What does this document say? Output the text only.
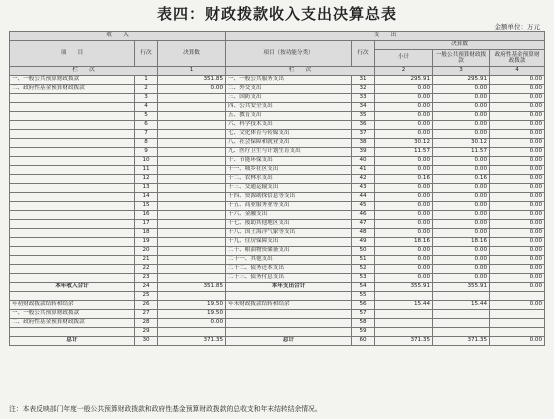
表四：财政拨款收入支出决算总表
金额单位：万元
收　　入			支　　出				
项　　目	行次	决算数	项目（按功能分类）	行次	决算数		
					小计	一般公共预算财政拨款	政府性基金预算财政拨款
栏　　次		1	栏　　次		2	3	4
一、一般公共预算财政拨款	1	351.85	一、一般公共服务支出	31	295.91	295.91	0.00
二、政府性基金预算财政拨款	2	0.00	二、外交支出	32	0.00	0.00	0.00
	3		三、国防支出	33	0.00	0.00	0.00
	4		四、公共安全支出	34	0.00	0.00	0.00
	5		五、教育支出	35	0.00	0.00	0.00
	6		六、科学技术支出	36	0.00	0.00	0.00
	7		七、文化体育与传媒支出	37	0.00	0.00	0.00
	8		八、社会保障和就业支出	38	30.12	30.12	0.00
	9		九、医疗卫生与计划生育支出	39	11.57	11.57	0.00
	10		十、节能环保支出	40	0.00	0.00	0.00
	11		十一、城乡社区支出	41	0.00	0.00	0.00
	12		十二、农林水支出	42	0.16	0.16	0.00
	13		十三、交通运输支出	43	0.00	0.00	0.00
	14		十四、资源勘探信息等支出	44	0.00	0.00	0.00
	15		十五、商业服务业等支出	45	0.00	0.00	0.00
	16		十六、金融支出	46	0.00	0.00	0.00
	17		十七、援助其他地区支出	47	0.00	0.00	0.00
	18		十八、国土海洋气象等支出	48	0.00	0.00	0.00
	19		十九、住房保障支出	49	18.16	18.16	0.00
	20		二十、粮油物资储备支出	50	0.00	0.00	0.00
	21		二十一、其他支出	51	0.00	0.00	0.00
	22		二十二、债务还本支出	52	0.00	0.00	0.00
	23		二十三、债务付息支出	53	0.00	0.00	0.00
本年收入合计	24	351.85	本年支出合计	54	355.91	355.91	0.00
	25			55			
年初财政拨款结转和结余	26	19.50	年末财政拨款结转和结余	56	15.44	15.44	0.00
一、一般公共预算财政拨款	27	19.50		57			
二、政府性基金预算财政拨款	28	0.00		58			
	29			59			
总计	30	371.35	总计	60	371.35	371.35	0.00
注：本表反映部门年度一般公共预算财政拨款和政府性基金预算财政拨款的总收支和年末结转结余情况。
